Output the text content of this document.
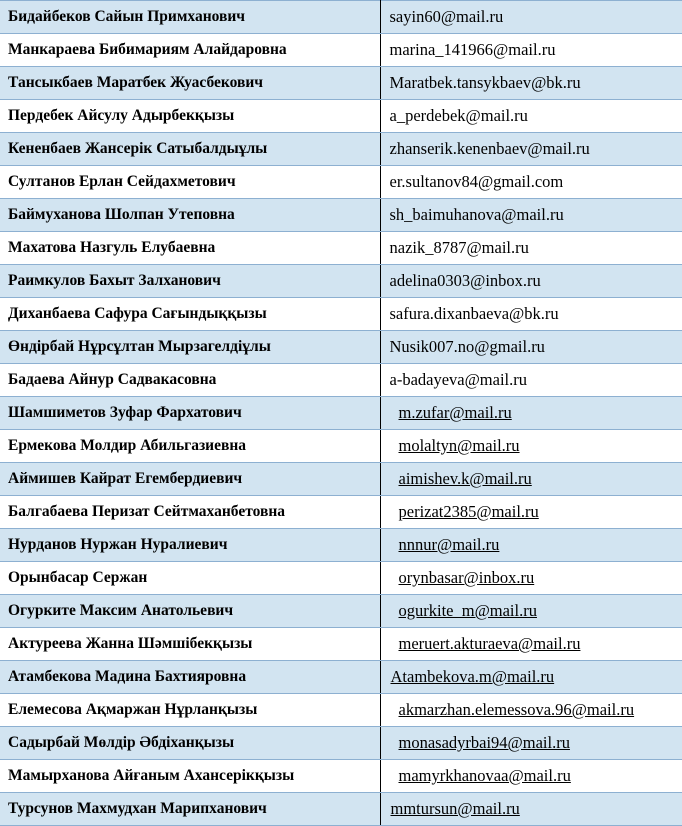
Бидайбеков Сайын Примханович	sayin60@mail.ru
Манкараева Бибимариям Алайдаровна	marina_141966@mail.ru
Тансыкбаев Маратбек Жуасбекович	Maratbek.tansykbaev@bk.ru
Пердебек Айсулу Адырбекқызы	a_perdebek@mail.ru
Кененбаев Жансерік Сатыбалдыұлы	zhanserik.kenenbaev@mail.ru
Султанов Ерлан Сейдахметович	er.sultanov84@gmail.com
Баймуханова Шолпан Утеповна	sh_baimuhanova@mail.ru
Махатова Назгуль Елубаевна	nazik_8787@mail.ru
Раимкулов Бахыт Залханович	adelina0303@inbox.ru
Диханбаева Сафура Сағындыққызы	safura.dixanbaeva@bk.ru
Өндірбай Нұрсұлтан Мырзагелдіұлы	Nusik007.no@gmail.ru
Бадаева Айнур Садвакасовна	a-badayeva@mail.ru
Шамшиметов Зуфар Фархатович	m.zufar@mail.ru
Ермекова Молдир Абильгазиевна	molaltyn@mail.ru
Аймишев Кайрат Егембердиевич	aimishev.k@mail.ru
Балгабаева Перизат Сейтмаханбетовна	perizat2385@mail.ru
Нурданов Нуржан Нуралиевич	nnnur@mail.ru
Орынбасар Сержан	orynbasar@inbox.ru
Огурките Максим Анатольевич	ogurkite_m@mail.ru
Актуреева Жанна Шәмшібекқызы	meruert.akturaeva@mail.ru
Атамбекова Мадина Бахтияровна	Atambekova.m@mail.ru
Елемесова Ақмаржан Нұрланқызы	akmarzhan.elemessova.96@mail.ru
Садырбай Мөлдір Әбдіханқызы	monasadyrbai94@mail.ru
Мамырханова Айғаным Ахансерікқызы	mamyrkhanovaa@mail.ru
Турсунов Махмудхан Марипханович	mmtursun@mail.ru
